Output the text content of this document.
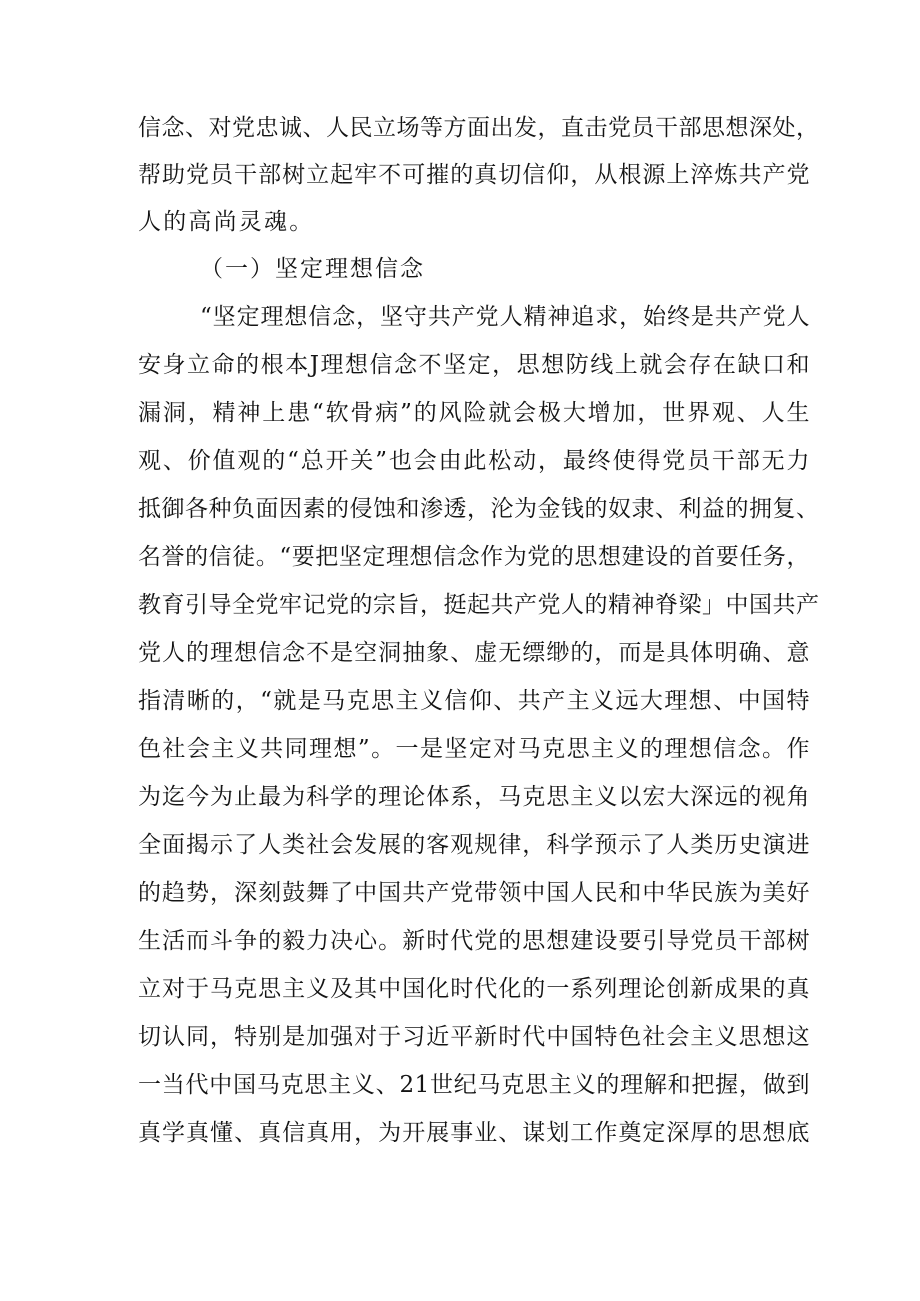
信念、对党忠诚、人民立场等方面出发，直击党员干部思想深处，
帮助党员干部树立起牢不可摧的真切信仰，从根源上淬炼共产党
人的高尚灵魂。
（一）坚定理想信念
“坚定理想信念，坚守共产党人精神追求，始终是共产党人
安身立命的根本J理想信念不坚定，思想防线上就会存在缺口和
漏洞，精神上患“软骨病”的风险就会极大增加，世界观、人生
观、价值观的“总开关”也会由此松动，最终使得党员干部无力
抵御各种负面因素的侵蚀和渗透，沦为金钱的奴隶、利益的拥复、
名誉的信徒。“要把坚定理想信念作为党的思想建设的首要任务，
教育引导全党牢记党的宗旨，挺起共产党人的精神脊梁」中国共产
党人的理想信念不是空洞抽象、虚无缥缈的，而是具体明确、意
指清晰的，“就是马克思主义信仰、共产主义远大理想、中国特
色社会主义共同理想”。一是坚定对马克思主义的理想信念。作
为迄今为止最为科学的理论体系，马克思主义以宏大深远的视角
全面揭示了人类社会发展的客观规律，科学预示了人类历史演进
的趋势，深刻鼓舞了中国共产党带领中国人民和中华民族为美好
生活而斗争的毅力决心。新时代党的思想建设要引导党员干部树
立对于马克思主义及其中国化时代化的一系列理论创新成果的真
切认同，特别是加强对于习近平新时代中国特色社会主义思想这
一当代中国马克思主义、21世纪马克思主义的理解和把握，做到
真学真懂、真信真用，为开展事业、谋划工作奠定深厚的思想底
